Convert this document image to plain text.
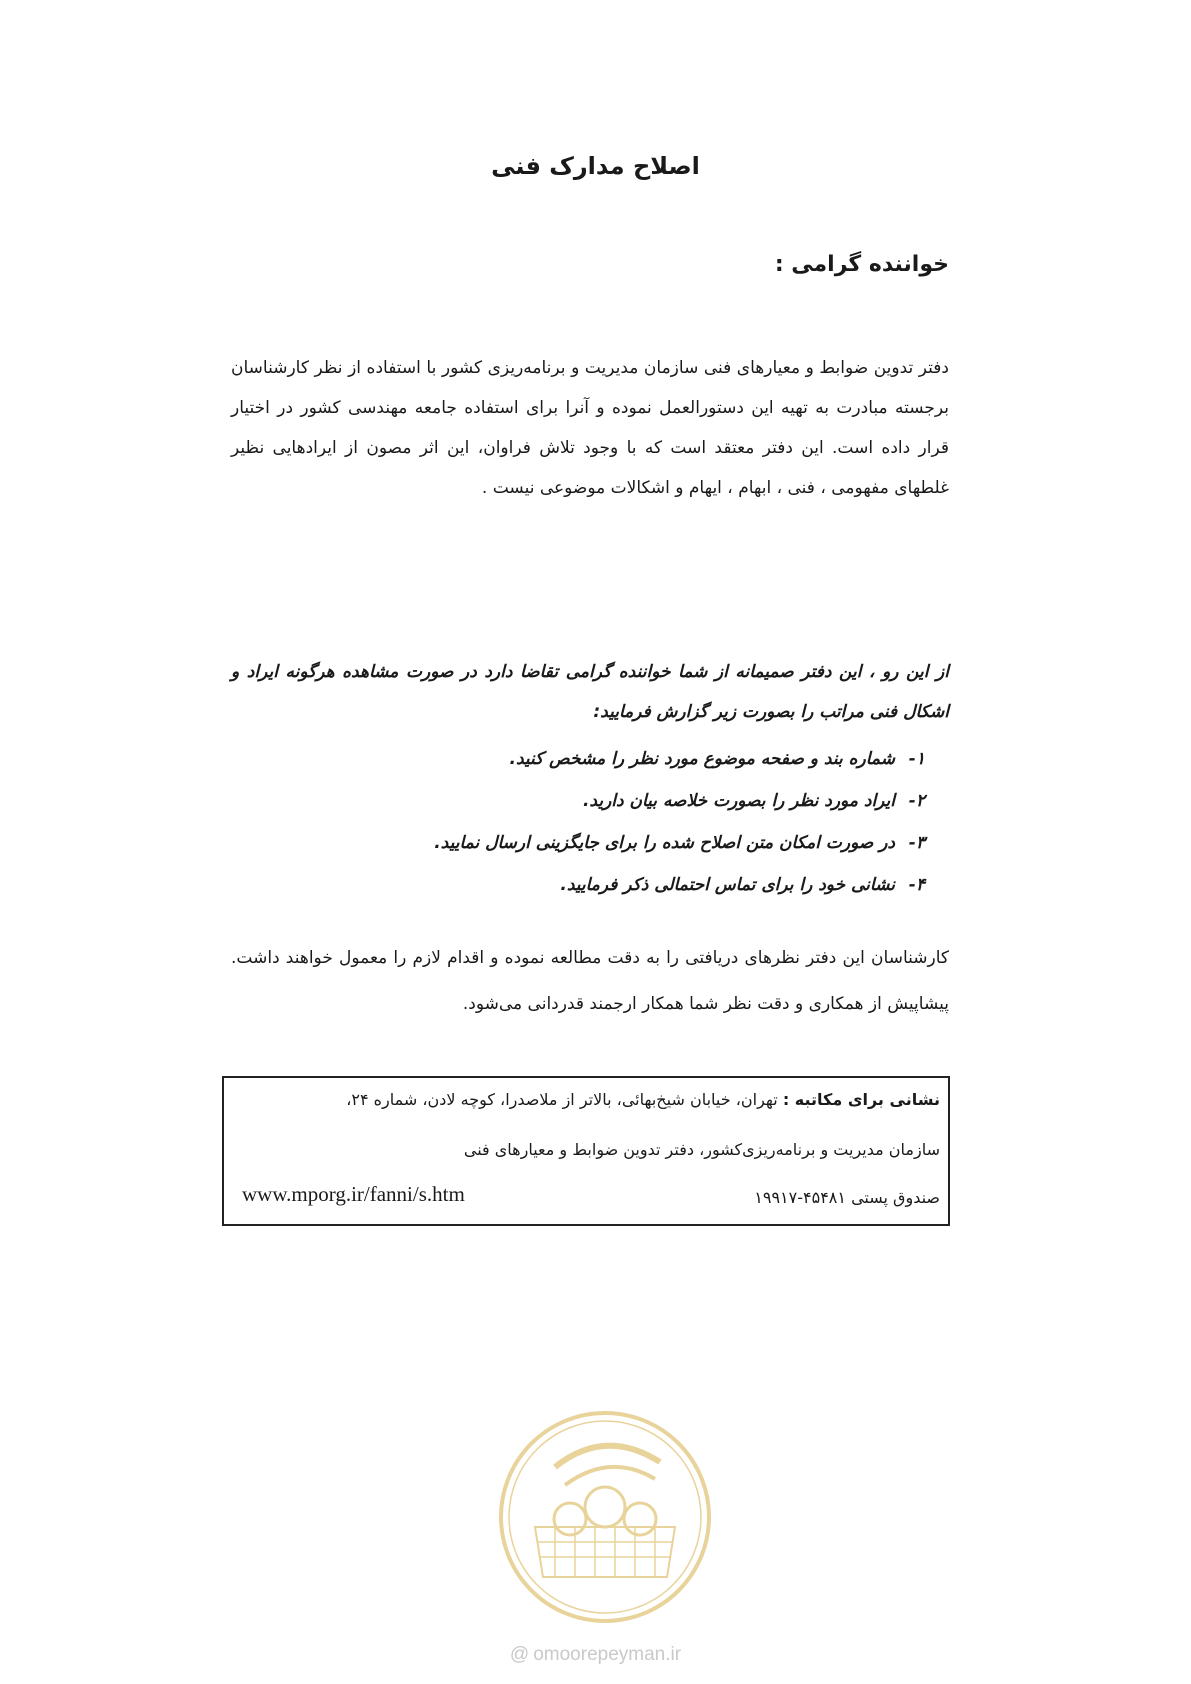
اصلاح مدارک فنی
خواننده گرامی :

دفتر تدوین ضوابط و معیارهای فنی سازمان مدیریت و برنامه‌ریزی کشور با استفاده از نظر کارشناسان برجسته مبادرت به تهیه این دستورالعمل نموده و آنرا برای استفاده جامعه مهندسی کشور در اختیار قرار داده است. این دفتر معتقد است که با وجود تلاش فراوان، این اثر مصون از ایرادهایی نظیر غلطهای مفهومی ، فنی ، ابهام ، ایهام و اشکالات موضوعی نیست .

از این رو ، این دفتر صمیمانه از شما خواننده گرامی تقاضا دارد در صورت مشاهده هرگونه ایراد و اشکال فنی مراتب را بصورت زیر گزارش فرمایید:

۱-شماره بند و صفحه موضوع مورد نظر را مشخص کنید.
۲-ایراد مورد نظر را بصورت خلاصه بیان دارید.
۳-در صورت امکان متن اصلاح شده را برای جایگزینی ارسال نمایید.
۴-نشانی خود را برای تماس احتمالی ذکر فرمایید.

کارشناسان این دفتر نظرهای دریافتی را به دقت مطالعه نموده و اقدام لازم را معمول خواهند داشت. پیشاپیش از همکاری و دقت نظر شما همکار ارجمند قدردانی می‌شود.

نشانی برای مکاتبه : تهران، خیابان شیخ‌بهائی، بالاتر از ملاصدرا، کوچه لادن، شماره ۲۴،
سازمان مدیریت و برنامه‌ریزی‌کشور، دفتر تدوین ضوابط و معیارهای فنی
صندوق پستی ۴۵۴۸۱-۱۹۹۱۷
www.mporg.ir/fanni/s.htm
@ omoorepeyman.ir
